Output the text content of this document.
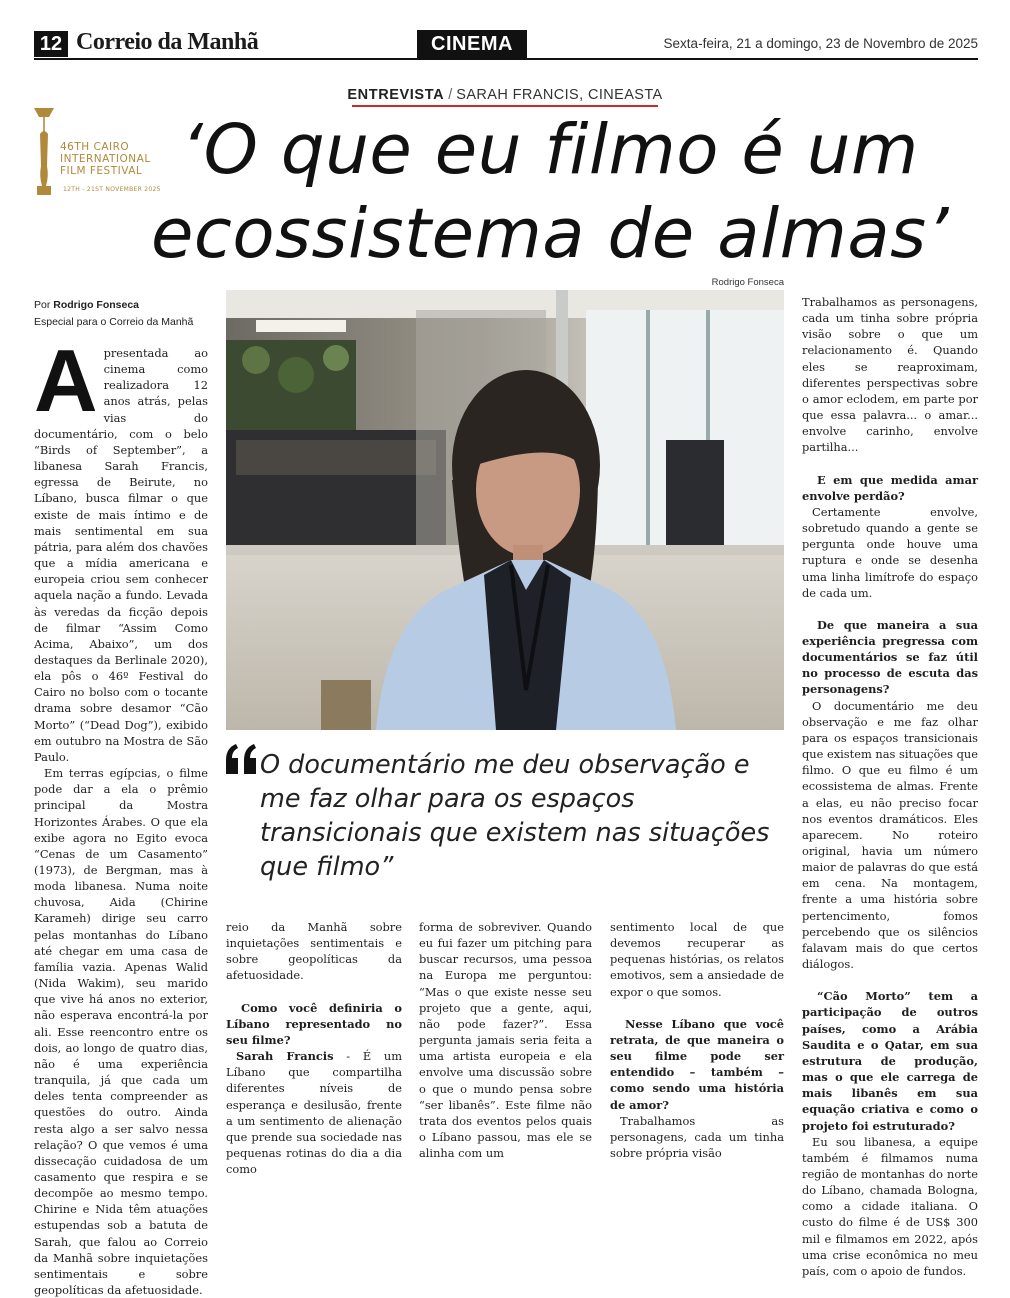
12 Correio da Manhã	CINEMA	Sexta-feira, 21 a domingo, 23 de Novembro de 2025
ENTREVISTA / SARAH FRANCIS, CINEASTA
46TH CAIRO
INTERNATIONAL
FILM FESTIVAL
12TH - 21ST NOVEMBER 2025 ‘O que eu filmo é um ecossistema de almas’
Rodrigo Fonseca
Por Rodrigo Fonseca
Especial para o Correio da Manhã
A presentada ao cinema como realizadora 12 anos atrás, pelas vias do documentário, com o belo “Birds of September”, a libanesa Sarah Francis, egressa de Beirute, no Líbano, busca filmar o que existe de mais íntimo e de mais sentimental em sua pátria, para além dos chavões que a mídia americana e europeia criou sem conhecer aquela nação a fundo. Levada às veredas da ficção depois de filmar “Assim Como Acima, Abaixo”, um dos destaques da Berlinale 2020), ela pôs o 46º Festival do Cairo no bolso com o tocante drama sobre desamor “Cão Morto” (“Dead Dog”), exibido em outubro na Mostra de São Paulo.

Em terras egípcias, o filme pode dar a ela o prêmio principal da Mostra Horizontes Árabes. O que ela exibe agora no Egito evoca “Cenas de um Casamento” (1973), de Bergman, mas à moda libanesa. Numa noite chuvosa, Aida (Chirine Karameh) dirige seu carro pelas montanhas do Líbano até chegar em uma casa de família vazia. Apenas Walid (Nida Wakim), seu marido que vive há anos no exterior, não esperava encontrá-la por ali. Esse reencontro entre os dois, ao longo de quatro dias, não é uma experiência tranquila, já que cada um deles tenta compreender as questões do outro. Ainda resta algo a ser salvo nessa relação? O que vemos é uma dissecação cuidadosa de um casamento que respira e se decompõe ao mesmo tempo. Chirine e Nida têm atuações estupendas sob a batuta de Sarah, que falou ao Correio da Manhã sobre inquietações sentimentais e sobre geopolíticas da afetuosidade.

O documentário me deu observação e me faz olhar para os espaços transicionais que existem nas situações que filmo”

Trabalhamos as personagens, cada um tinha sobre própria visão sobre o que um relacionamento é. Quando eles se reaproximam, diferentes perspectivas sobre o amor eclodem, em parte por que essa palavra... o amar... envolve carinho, envolve partilha...

E em que medida amar envolve perdão?

Certamente envolve, sobretudo quando a gente se pergunta onde houve uma ruptura e onde se desenha uma linha limítrofe do espaço de cada um.

De que maneira a sua experiência pregressa com documentários se faz útil no processo de escuta das personagens?

O documentário me deu observação e me faz olhar para os espaços transicionais que existem nas situações que filmo. O que eu filmo é um ecossistema de almas. Frente a elas, eu não preciso focar nos eventos dramáticos. Eles aparecem. No roteiro original, havia um número maior de palavras do que está em cena. Na montagem, frente a uma história sobre pertencimento, fomos percebendo que os silêncios falavam mais do que certos diálogos.

“Cão Morto” tem a participação de outros países, como a Arábia Saudita e o Qatar, em sua estrutura de produção, mas o que ele carrega de mais libanês em sua equação criativa e como o projeto foi estruturado?

Eu sou libanesa, a equipe também é filmamos numa região de montanhas do norte do Líbano, chamada Bologna, como a cidade italiana. O custo do filme é de US$ 300 mil e filmamos em 2022, após uma crise econômica no meu país, com o apoio de fundos.

reio da Manhã sobre inquietações sentimentais e sobre geopolíticas da afetuosidade.

Como você definiria o Líbano representado no seu filme?

Sarah Francis - É um Líbano que compartilha diferentes níveis de esperança e desilusão, frente a um sentimento de alienação que prende sua sociedade nas pequenas rotinas do dia a dia como

forma de sobreviver. Quando eu fui fazer um pitching para buscar recursos, uma pessoa na Europa me perguntou: “Mas o que existe nesse seu projeto que a gente, aqui, não pode fazer?”. Essa pergunta jamais seria feita a uma artista europeia e ela envolve uma discussão sobre o que o mundo pensa sobre “ser libanês”. Este filme não trata dos eventos pelos quais o Líbano passou, mas ele se alinha com um

sentimento local de que devemos recuperar as pequenas histórias, os relatos emotivos, sem a ansiedade de expor o que somos.

Nesse Líbano que você retrata, de que maneira o seu filme pode ser entendido – também – como sendo uma história de amor?

Trabalhamos as personagens, cada um tinha sobre própria visão
